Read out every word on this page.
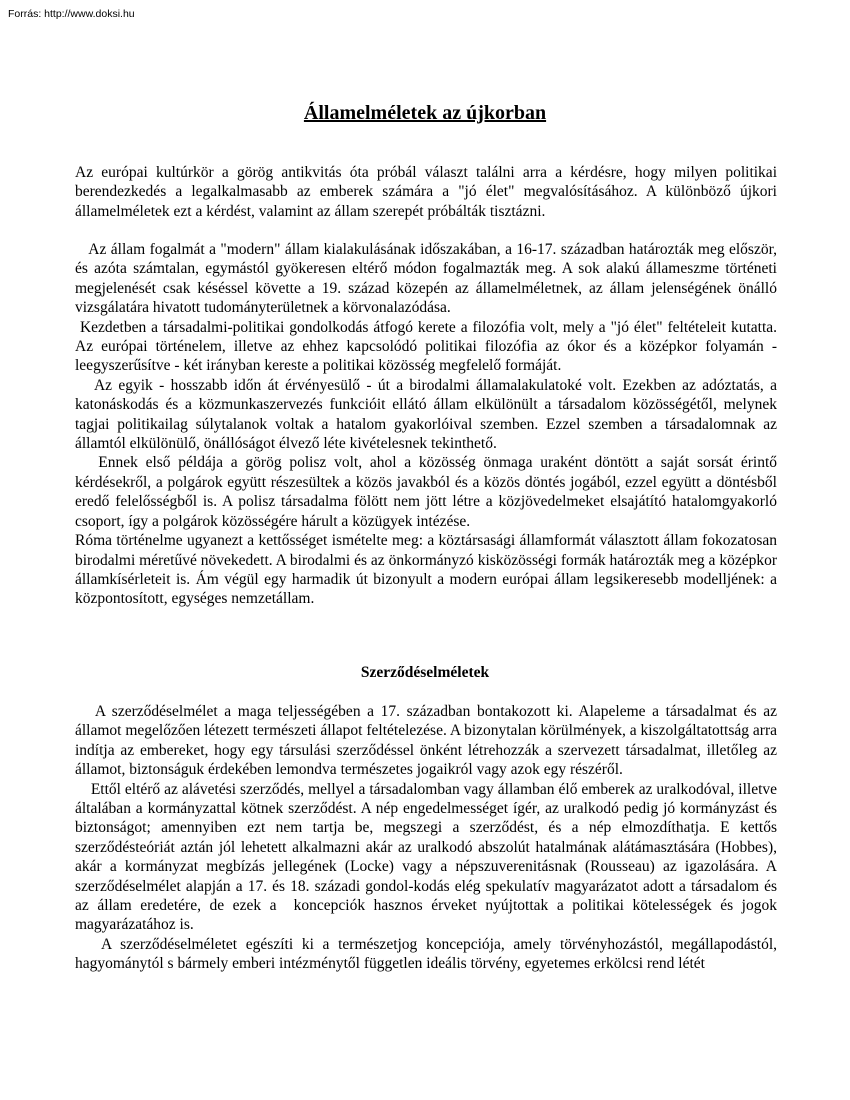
Forrás: http://www.doksi.hu
Államelméletek az újkorban

Az európai kultúrkör a görög antikvitás óta próbál választ találni arra a kérdésre, hogy milyen politikai berendezkedés a legalkalmasabb az emberek számára a "jó élet" megvalósításához. A különböző újkori államelméletek ezt a kérdést, valamint az állam szerepét próbálták tisztázni.

Az állam fogalmát a "modern" állam kialakulásának időszakában, a 16-17. században határozták meg először, és azóta számtalan, egymástól gyökeresen eltérő módon fogalmazták meg. A sok alakú állameszme történeti megjelenését csak késéssel követte a 19. század közepén az államelméletnek, az állam jelenségének önálló vizsgálatára hivatott tudományterületnek a körvonalazódása.

Kezdetben a társadalmi-politikai gondolkodás átfogó kerete a filozófia volt, mely a "jó élet" feltételeit kutatta. Az európai történelem, illetve az ehhez kapcsolódó politikai filozófia az ókor és a középkor folyamán - leegyszerűsítve - két irányban kereste a politikai közösség megfelelő formáját.

Az egyik - hosszabb időn át érvényesülő - út a birodalmi államalakulatoké volt. Ezekben az adóztatás, a katonáskodás és a közmunkaszervezés funkcióit ellátó állam elkülönült a társadalom közösségétől, melynek tagjai politikailag súlytalanok voltak a hatalom gyakorlóival szemben. Ezzel szemben a társadalomnak az államtól elkülönülő, önállóságot élvező léte kivételesnek tekinthető.

Ennek első példája a görög polisz volt, ahol a közösség önmaga uraként döntött a saját sorsát érintő kérdésekről, a polgárok együtt részesültek a közös javakból és a közös döntés jogából, ezzel együtt a döntésből eredő felelősségből is. A polisz társadalma fölött nem jött létre a közjövedelmeket elsajátító hatalomgyakorló csoport, így a polgárok közösségére hárult a közügyek intézése.

Róma történelme ugyanezt a kettősséget ismételte meg: a köztársasági államformát választott állam fokozatosan birodalmi méretűvé növekedett. A birodalmi és az önkormányzó kisközösségi formák határozták meg a középkor államkísérleteit is. Ám végül egy harmadik út bizonyult a modern európai állam legsikeresebb modelljének: a központosított, egységes nemzetállam.

Szerződéselméletek

A szerződéselmélet a maga teljességében a 17. században bontakozott ki. Alapeleme a társadalmat és az államot megelőzően létezett természeti állapot feltételezése. A bizonytalan körülmények, a kiszolgáltatottság arra indítja az embereket, hogy egy társulási szerződéssel önként létrehozzák a szervezett társadalmat, illetőleg az államot, biztonságuk érdekében lemondva természetes jogaikról vagy azok egy részéről.

Ettől eltérő az alávetési szerződés, mellyel a társadalomban vagy államban élő emberek az uralkodóval, illetve általában a kormányzattal kötnek szerződést. A nép engedelmességet ígér, az uralkodó pedig jó kormányzást és biztonságot; amennyiben ezt nem tartja be, megszegi a szerződést, és a nép elmozdíthatja. E kettős szerződésteóriát aztán jól lehetett alkalmazni akár az uralkodó abszolút hatalmának alátámasztására (Hobbes), akár a kormányzat megbízás jellegének (Locke) vagy a népszuverenitásnak (Rousseau) az igazolására. A szerződéselmélet alapján a 17. és 18. századi gondol-kodás elég spekulatív magyarázatot adott a társadalom és az állam eredetére, de ezek a  koncepciók hasznos érveket nyújtottak a politikai kötelességek és jogok magyarázatához is.

A szerződéselméletet egészíti ki a természetjog koncepciója, amely törvényhozástól, megállapodástól, hagyománytól s bármely emberi intézménytől független ideális törvény, egyetemes erkölcsi rend létét
